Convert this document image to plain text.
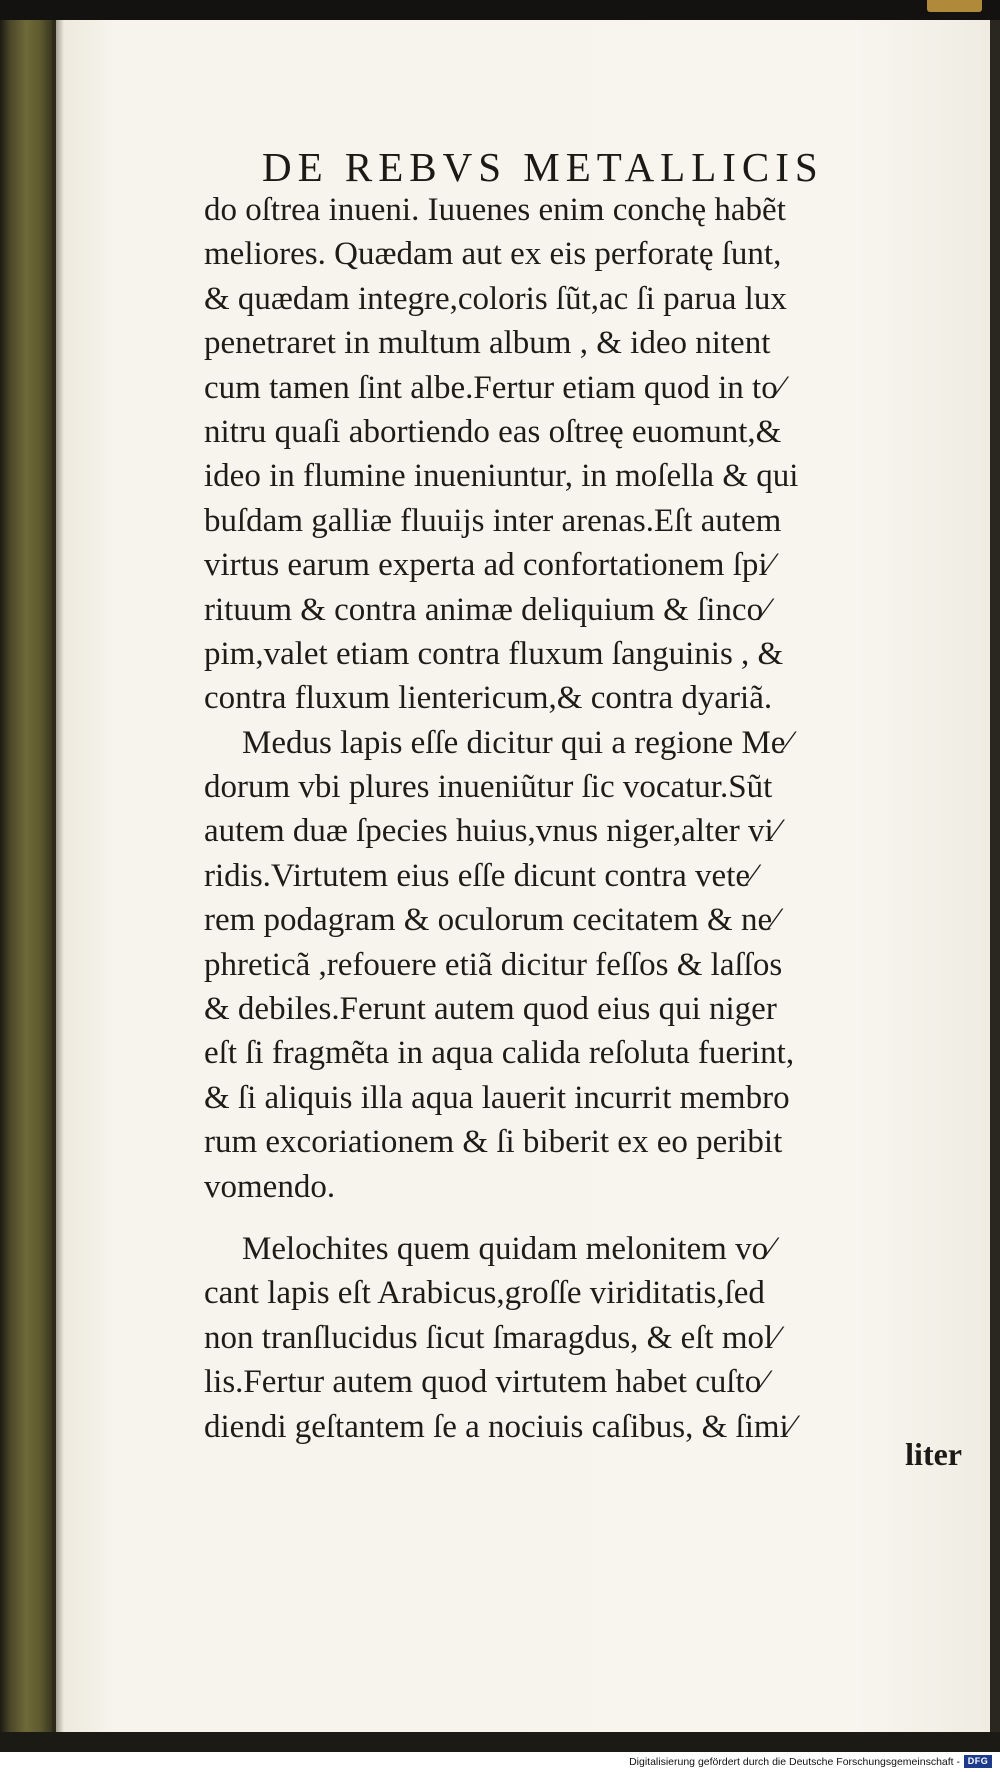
DE REBVS METALLICIS
do oſtrea inueni. Iuuenes enim conchę habẽt
meliores. Quædam aut ex eis perforatę ſunt,
& quædam integre,coloris ſũt,ac ſi parua lux
penetraret in multum album , & ideo nitent
cum tamen ſint albe.Fertur etiam quod in to⁄
nitru quaſi abortiendo eas oſtreę euomunt,&
ideo in flumine inueniuntur, in moſella & qui
buſdam galliæ fluuijs inter arenas.Eſt autem
virtus earum experta ad confortationem ſpi⁄
rituum & contra animæ deliquium & ſinco⁄
pim,valet etiam contra fluxum ſanguinis , &
contra fluxum lientericum,& contra dyariã.
Medus lapis eſſe dicitur qui a regione Me⁄
dorum vbi plures inueniũtur ſic vocatur.Sũt
autem duæ ſpecies huius,vnus niger,alter vi⁄
ridis.Virtutem eius eſſe dicunt contra vete⁄
rem podagram & oculorum cecitatem & ne⁄
phreticã ,refouere etiã dicitur feſſos & laſſos
& debiles.Ferunt autem quod eius qui niger
eſt ſi fragmẽta in aqua calida reſoluta fuerint,
& ſi aliquis illa aqua lauerit incurrit membro
rum excoriationem & ſi biberit ex eo peribit
vomendo.
Melochites quem quidam melonitem vo⁄
cant lapis eſt Arabicus,groſſe viriditatis,ſed
non tranſlucidus ſicut ſmaragdus, & eſt mol⁄
lis.Fertur autem quod virtutem habet cuſto⁄
diendi geſtantem ſe a nociuis caſibus, & ſimi⁄
liter
Digitalisierung gefördert durch die Deutsche Forschungsgemeinschaft - DFG
